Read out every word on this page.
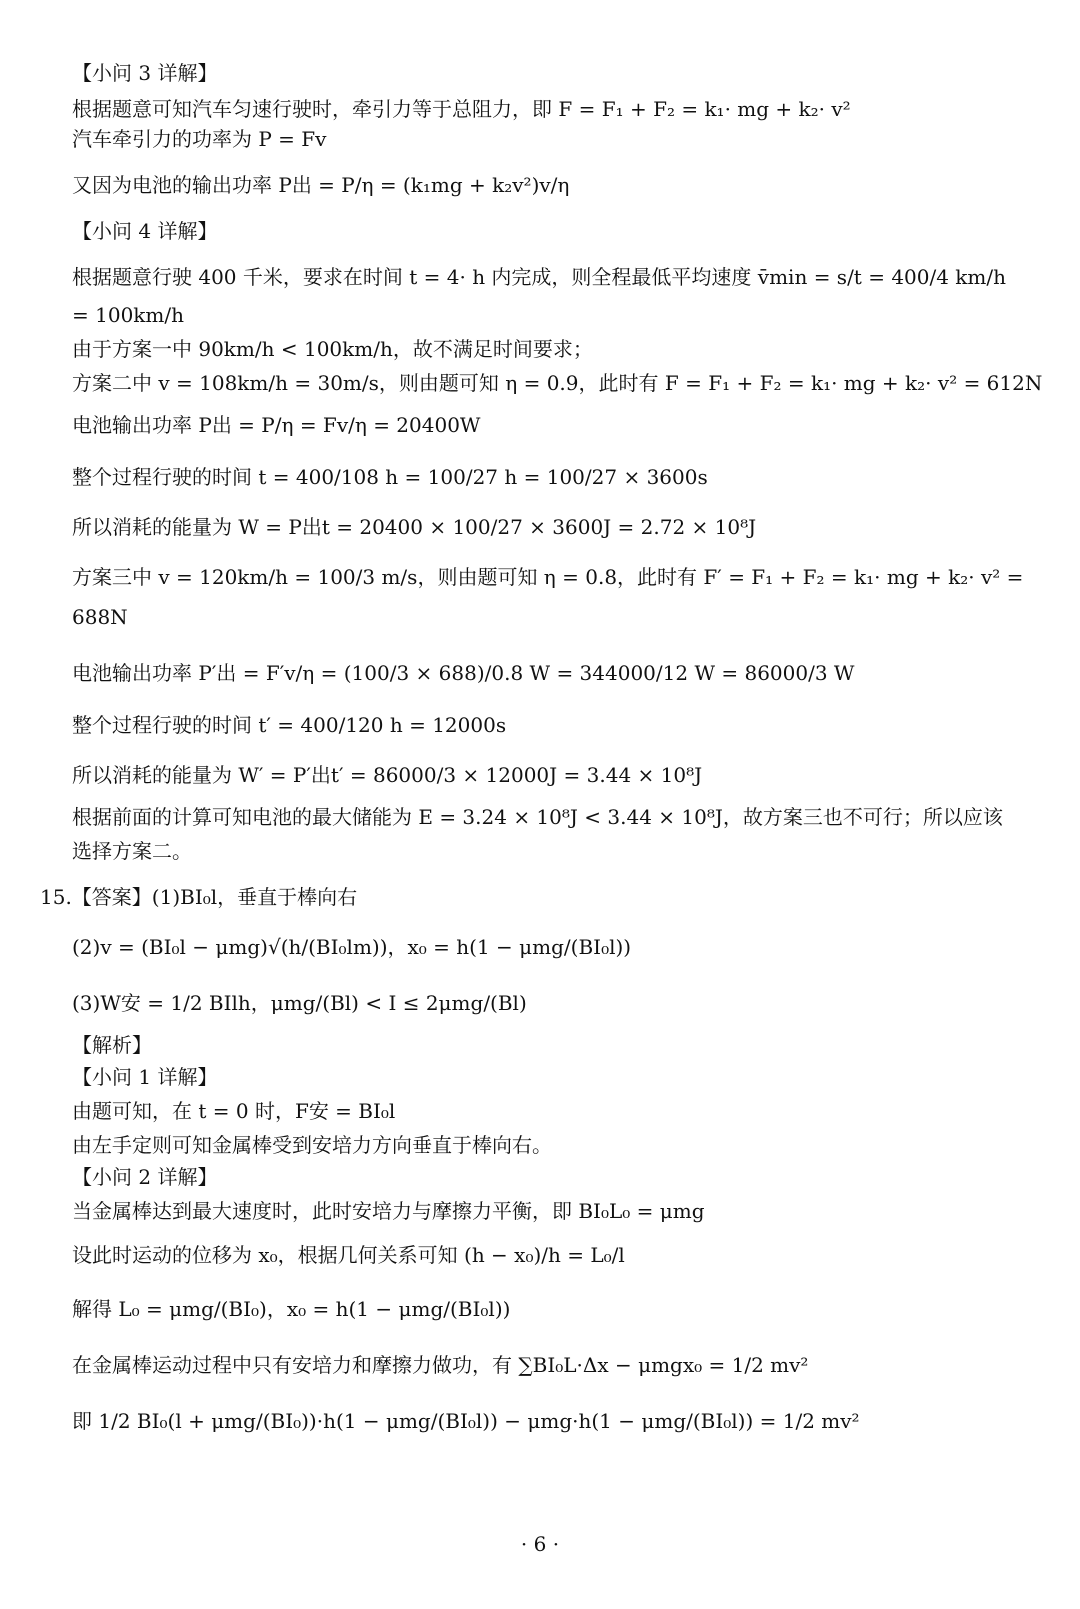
【小问 3 详解】
根据题意可知汽车匀速行驶时，牵引力等于总阻力，即 F = F₁ + F₂ = k₁· mg + k₂· v²
汽车牵引力的功率为 P = Fv
又因为电池的输出功率 P出 = P/η = (k₁mg + k₂v²)v/η
【小问 4 详解】
根据题意行驶 400 千米，要求在时间 t = 4· h 内完成，则全程最低平均速度 v̄min = s/t = 400/4 km/h
= 100km/h
由于方案一中 90km/h < 100km/h，故不满足时间要求；
方案二中 v = 108km/h = 30m/s，则由题可知 η = 0.9，此时有 F = F₁ + F₂ = k₁· mg + k₂· v² = 612N
电池输出功率 P出 = P/η = Fv/η = 20400W
整个过程行驶的时间 t = 400/108 h = 100/27 h = 100/27 × 3600s
所以消耗的能量为 W = P出t = 20400 × 100/27 × 3600J = 2.72 × 10⁸J
方案三中 v = 120km/h = 100/3 m/s，则由题可知 η = 0.8，此时有 F′ = F₁ + F₂ = k₁· mg + k₂· v² =
688N
电池输出功率 P′出 = F′v/η = (100/3 × 688)/0.8 W = 344000/12 W = 86000/3 W
整个过程行驶的时间 t′ = 400/120 h = 12000s
所以消耗的能量为 W′ = P′出t′ = 86000/3 × 12000J = 3.44 × 10⁸J
根据前面的计算可知电池的最大储能为 E = 3.24 × 10⁸J < 3.44 × 10⁸J，故方案三也不可行；所以应该
选择方案二。
15.【答案】(1)BI₀l，垂直于棒向右
(2)v = (BI₀l − μmg)√(h/(BI₀lm))，x₀ = h(1 − μmg/(BI₀l))
(3)W安 = 1/2 BIlh，μmg/(Bl) < I ≤ 2μmg/(Bl)
【解析】
【小问 1 详解】
由题可知，在 t = 0 时，F安 = BI₀l
由左手定则可知金属棒受到安培力方向垂直于棒向右。
【小问 2 详解】
当金属棒达到最大速度时，此时安培力与摩擦力平衡，即 BI₀L₀ = μmg
设此时运动的位移为 x₀，根据几何关系可知 (h − x₀)/h = L₀/l
解得 L₀ = μmg/(BI₀)，x₀ = h(1 − μmg/(BI₀l))
在金属棒运动过程中只有安培力和摩擦力做功，有 ∑BI₀L·Δx − μmgx₀ = 1/2 mv²
即 1/2 BI₀(l + μmg/(BI₀))·h(1 − μmg/(BI₀l)) − μmg·h(1 − μmg/(BI₀l)) = 1/2 mv²
· 6 ·
